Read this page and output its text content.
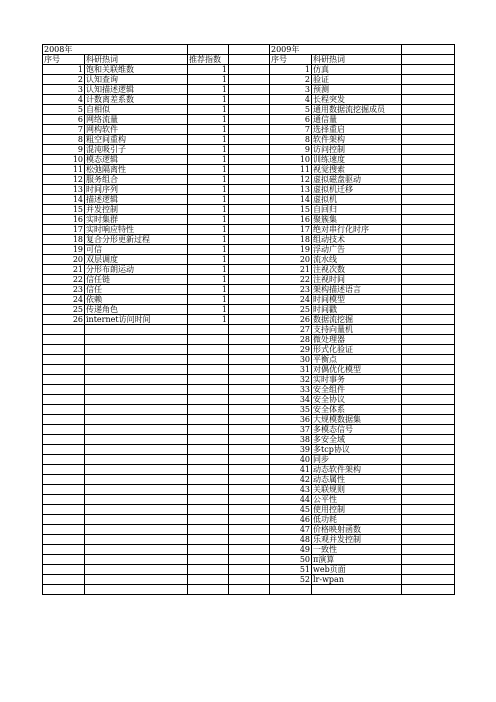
2008年				2009年		
序号	科研热词	推荐指数		序号	科研热词	
1	饱和关联维数	1		1	仿真	
2	认知查询	1		2	验证	
3	认知描述逻辑	1		3	预测	
4	计数离差系数	1		4	长程突发	
5	自相似	1		5	通用数据流挖掘成员	
6	网络流量	1		6	通信量	
7	网构软件	1		7	选择重启	
8	粗空间重构	1		8	软件架构	
9	混沌吸引子	1		9	访问控制	
10	模态逻辑	1		10	训练速度	
11	松弛隔离性	1		11	视觉搜索	
12	服务组合	1		12	虚拟磁盘驱动	
13	时间序列	1		13	虚拟机迁移	
14	描述逻辑	1		14	虚拟机	
15	并发控制	1		15	自回归	
16	实时集群	1		16	聚簇集	
17	实时响应特性	1		17	绝对串行化时序	
18	复合分形更新过程	1		18	组动技术	
19	可信	1		19	浮动广告	
20	双层调度	1		20	流水线	
21	分形布朗运动	1		21	注视次数	
22	信任链	1		22	注视时间	
23	信任	1		23	架构描述语言	
24	依赖	1		24	时间模型	
25	传递角色	1		25	时间戳	
26	internet访问时间	1		26	数据流挖掘	
				27	支持向量机	
				28	微处理器	
				29	形式化验证	
				30	平衡点	
				31	对偶优化模型	
				32	实时事务	
				33	安全组件	
				34	安全协议	
				35	安全体系	
				36	大规模数据集	
				37	多模态信号	
				38	多安全域	
				39	多tcp协议	
				40	同步	
				41	动态软件架构	
				42	动态属性	
				43	关联规则	
				44	公平性	
				45	使用控制	
				46	低功耗	
				47	价格映射函数	
				48	乐观并发控制	
				49	一致性	
				50	π演算	
				51	web页面	
				52	lr-wpan	
